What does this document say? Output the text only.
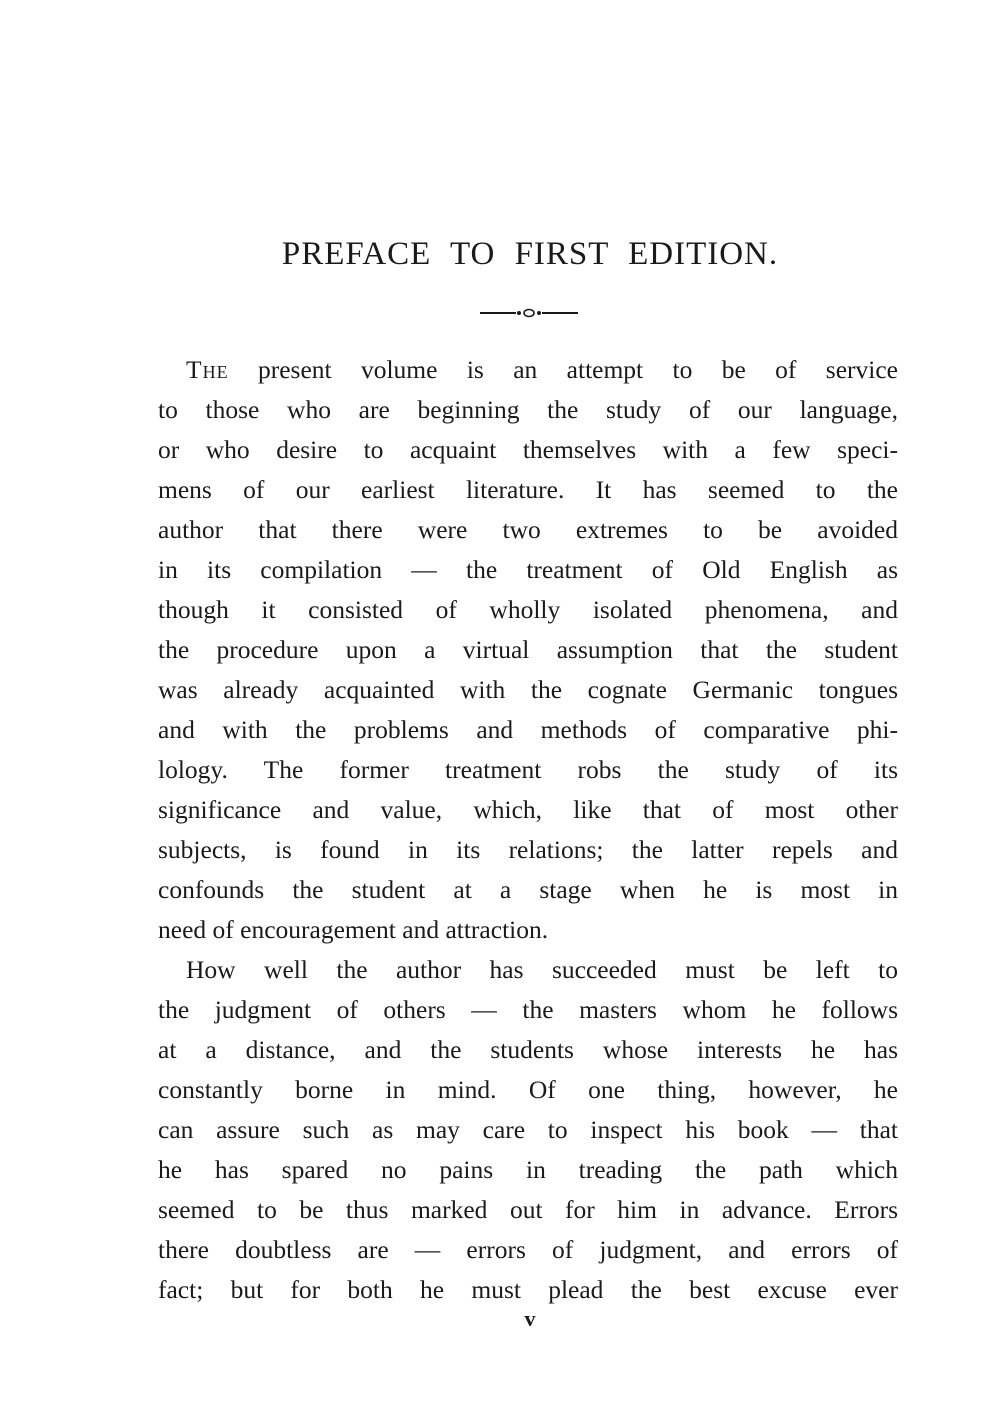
PREFACE TO FIRST EDITION.
The present volume is an attempt to be of service
to those who are beginning the study of our language,
or who desire to acquaint themselves with a few speci-
mens of our earliest literature. It has seemed to the
author that there were two extremes to be avoided
in its compilation — the treatment of Old English as
though it consisted of wholly isolated phenomena, and
the procedure upon a virtual assumption that the student
was already acquainted with the cognate Germanic tongues
and with the problems and methods of comparative phi-
lology. The former treatment robs the study of its
significance and value, which, like that of most other
subjects, is found in its relations; the latter repels and
confounds the student at a stage when he is most in
need of encouragement and attraction.
How well the author has succeeded must be left to
the judgment of others — the masters whom he follows
at a distance, and the students whose interests he has
constantly borne in mind. Of one thing, however, he
can assure such as may care to inspect his book — that
he has spared no pains in treading the path which
seemed to be thus marked out for him in advance. Errors
there doubtless are — errors of judgment, and errors of
fact; but for both he must plead the best excuse ever
v
